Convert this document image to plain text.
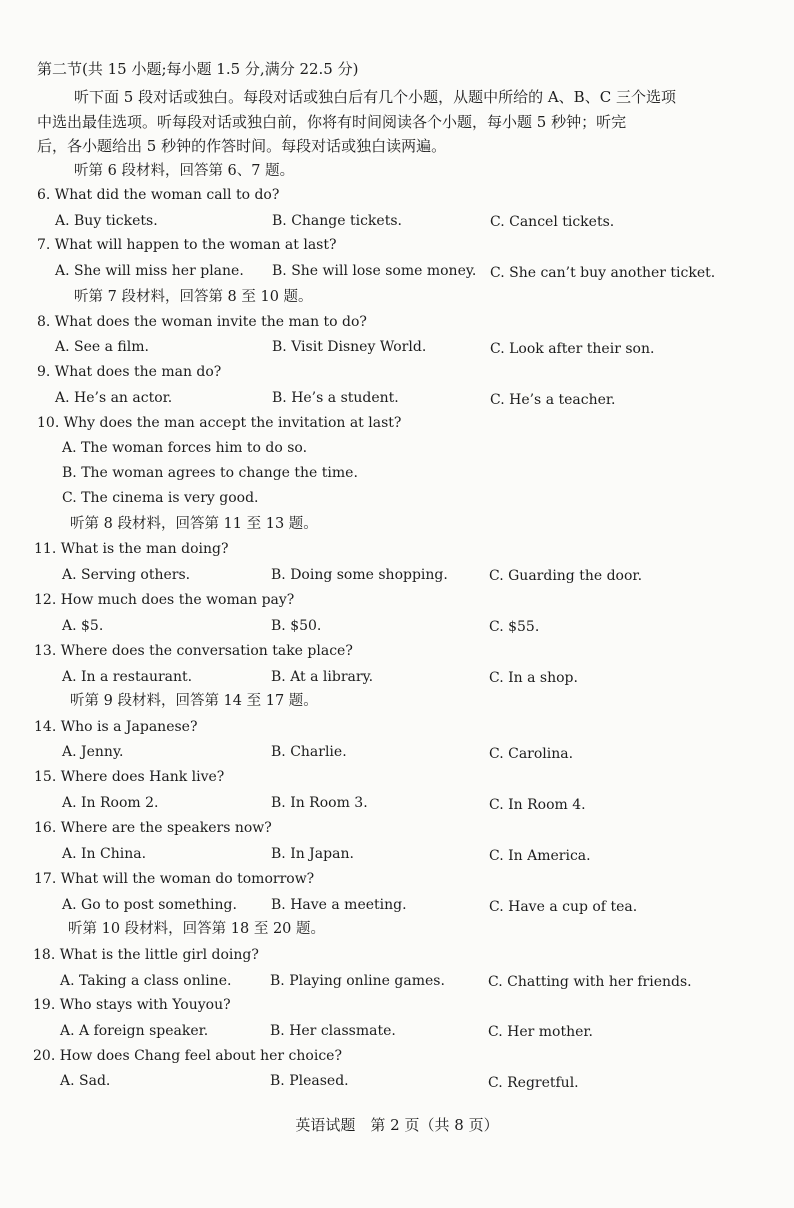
第二节(共 15 小题;每小题 1.5 分,满分 22.5 分)
听下面 5 段对话或独白。每段对话或独白后有几个小题，从题中所给的 A、B、C 三个选项
中选出最佳选项。听每段对话或独白前，你将有时间阅读各个小题，每小题 5 秒钟；听完
后，各小题给出 5 秒钟的作答时间。每段对话或独白读两遍。
听第 6 段材料，回答第 6、7 题。
6. What did the woman call to do?
A. Buy tickets.	B. Change tickets.	C. Cancel tickets.
7. What will happen to the woman at last?
A. She will miss her plane. B. She will lose some money. C. She can’t buy another ticket.
听第 7 段材料，回答第 8 至 10 题。
8. What does the woman invite the man to do?
A. See a film.	B. Visit Disney World.	C. Look after their son.
9. What does the man do?
A. He’s an actor.	B. He’s a student.	C. He’s a teacher.
10. Why does the man accept the invitation at last?
A. The woman forces him to do so.
B. The woman agrees to change the time.
C. The cinema is very good.
听第 8 段材料，回答第 11 至 13 题。
11. What is the man doing?
A. Serving others.	B. Doing some shopping.	C. Guarding the door.
12. How much does the woman pay?
A. $5.	B. $50.	C. $55.
13. Where does the conversation take place?
A. In a restaurant.	B. At a library.	C. In a shop.
听第 9 段材料，回答第 14 至 17 题。
14. Who is a Japanese?
A. Jenny.	B. Charlie.	C. Carolina.
15. Where does Hank live?
A. In Room 2.	B. In Room 3.	C. In Room 4.
16. Where are the speakers now?
A. In China.	B. In Japan.	C. In America.
17. What will the woman do tomorrow?
A. Go to post something. B. Have a meeting.	C. Have a cup of tea.
听第 10 段材料，回答第 18 至 20 题。
18. What is the little girl doing?
A. Taking a class online.	B. Playing online games.	C. Chatting with her friends.
19. Who stays with Youyou?
A. A foreign speaker.	B. Her classmate.	C. Her mother.
20. How does Chang feel about her choice?
A. Sad.	B. Pleased.	C. Regretful.
英语试题　第 2 页（共 8 页）
